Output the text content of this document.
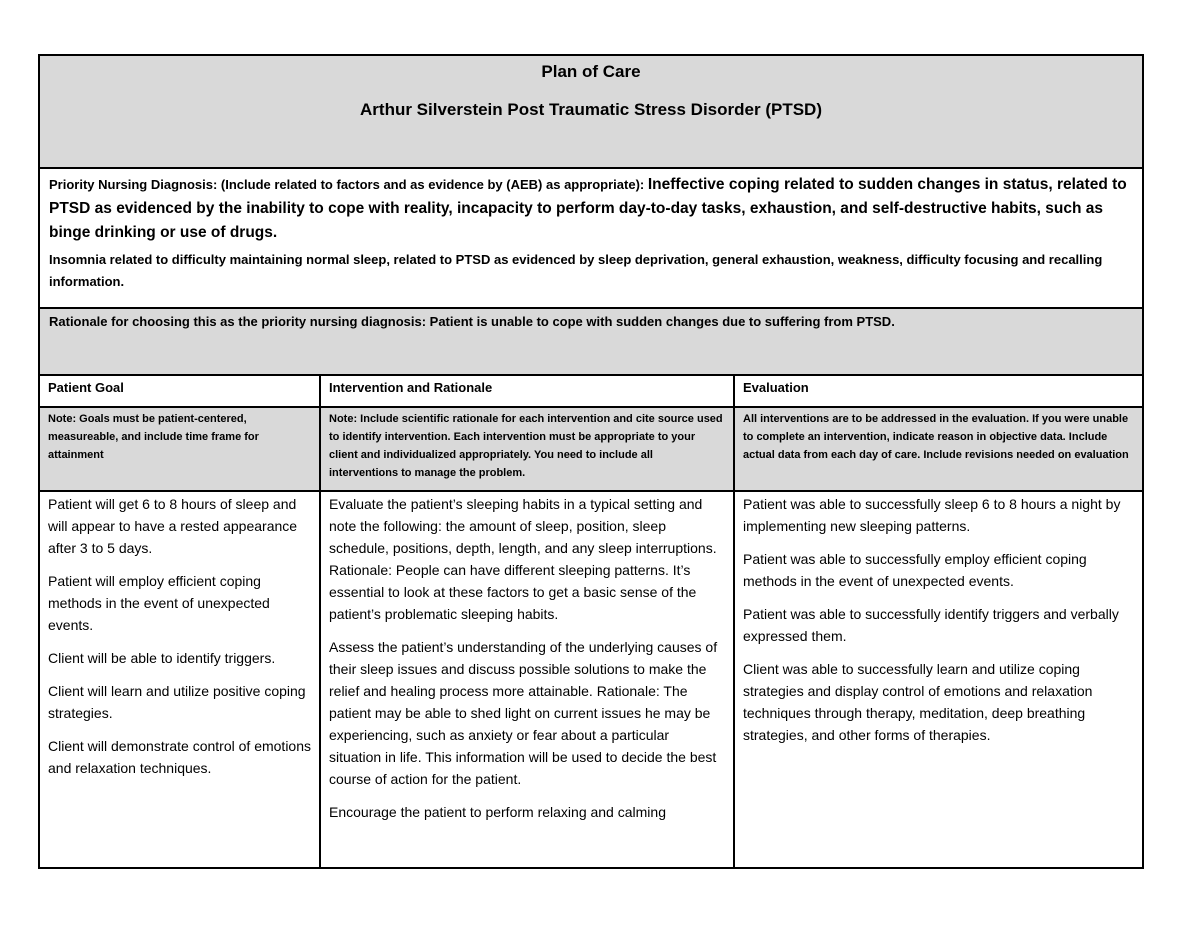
Plan of Care
Arthur Silverstein Post Traumatic Stress Disorder (PTSD)

Priority Nursing Diagnosis: (Include related to factors and as evidence by (AEB) as appropriate): Ineffective coping related to sudden changes in status, related to PTSD as evidenced by the inability to cope with reality, incapacity to perform day-to-day tasks, exhaustion, and self-destructive habits, such as binge drinking or use of drugs.

Insomnia related to difficulty maintaining normal sleep, related to PTSD as evidenced by sleep deprivation, general exhaustion, weakness, difficulty focusing and recalling information.

Rationale for choosing this as the priority nursing diagnosis: Patient is unable to cope with sudden changes due to suffering from PTSD.
Patient Goal	Intervention and Rationale	Evaluation
Note: Goals must be patient-centered, measureable, and include time frame for attainment
Note: Include scientific rationale for each intervention and cite source used to identify intervention. Each intervention must be appropriate to your client and individualized appropriately. You need to include all interventions to manage the problem.
All interventions are to be addressed in the evaluation. If you were unable to complete an intervention, indicate reason in objective data. Include actual data from each day of care. Include revisions needed on evaluation

Patient will get 6 to 8 hours of sleep and will appear to have a rested appearance after 3 to 5 days.

Patient will employ efficient coping methods in the event of unexpected events.

Client will be able to identify triggers.

Client will learn and utilize positive coping strategies.

Client will demonstrate control of emotions and relaxation techniques.

Evaluate the patient’s sleeping habits in a typical setting and note the following: the amount of sleep, position, sleep schedule, positions, depth, length, and any sleep interruptions. Rationale: People can have different sleeping patterns. It’s essential to look at these factors to get a basic sense of the patient’s problematic sleeping habits.

Assess the patient’s understanding of the underlying causes of their sleep issues and discuss possible solutions to make the relief and healing process more attainable. Rationale: The patient may be able to shed light on current issues he may be experiencing, such as anxiety or fear about a particular situation in life. This information will be used to decide the best course of action for the patient.

Encourage the patient to perform relaxing and calming

Patient was able to successfully sleep 6 to 8 hours a night by implementing new sleeping patterns.

Patient was able to successfully employ efficient coping methods in the event of unexpected events.

Patient was able to successfully identify triggers and verbally expressed them.

Client was able to successfully learn and utilize coping strategies and display control of emotions and relaxation techniques through therapy, meditation, deep breathing strategies, and other forms of therapies.
